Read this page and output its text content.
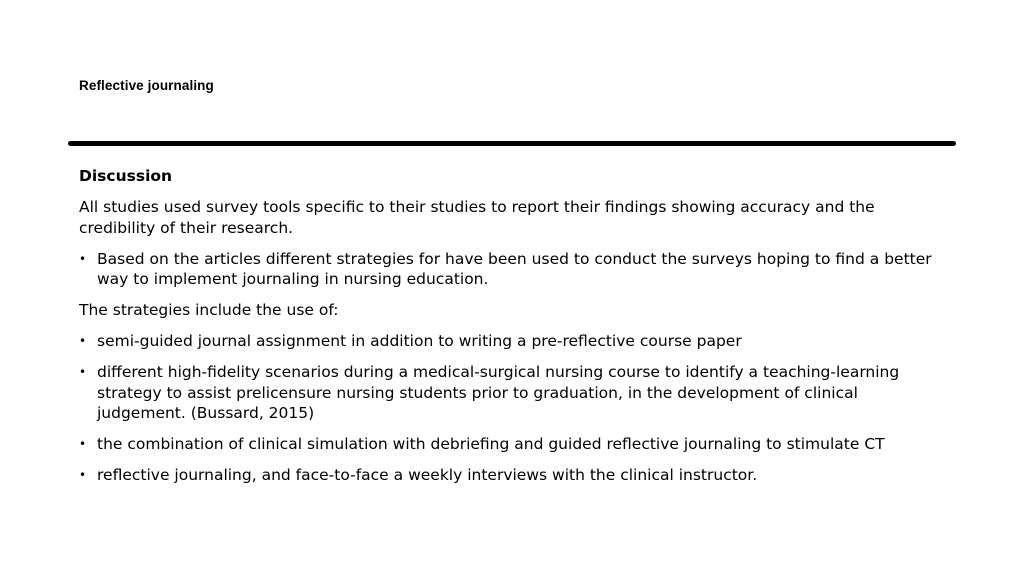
Reflective journaling

Discussion

All studies used survey tools specific to their studies to report their findings showing accuracy and the credibility of their research.

• Based on the articles different strategies for have been used to conduct the surveys hoping to find a better way to implement journaling in nursing education.

The strategies include the use of:

• semi-guided journal assignment in addition to writing a pre-reflective course paper
• different high-fidelity scenarios during a medical-surgical nursing course to identify a teaching-learning strategy to assist prelicensure nursing students prior to graduation, in the development of clinical judgement. (Bussard, 2015)
• the combination of clinical simulation with debriefing and guided reflective journaling to stimulate CT
• reflective journaling, and face-to-face a weekly interviews with the clinical instructor.
